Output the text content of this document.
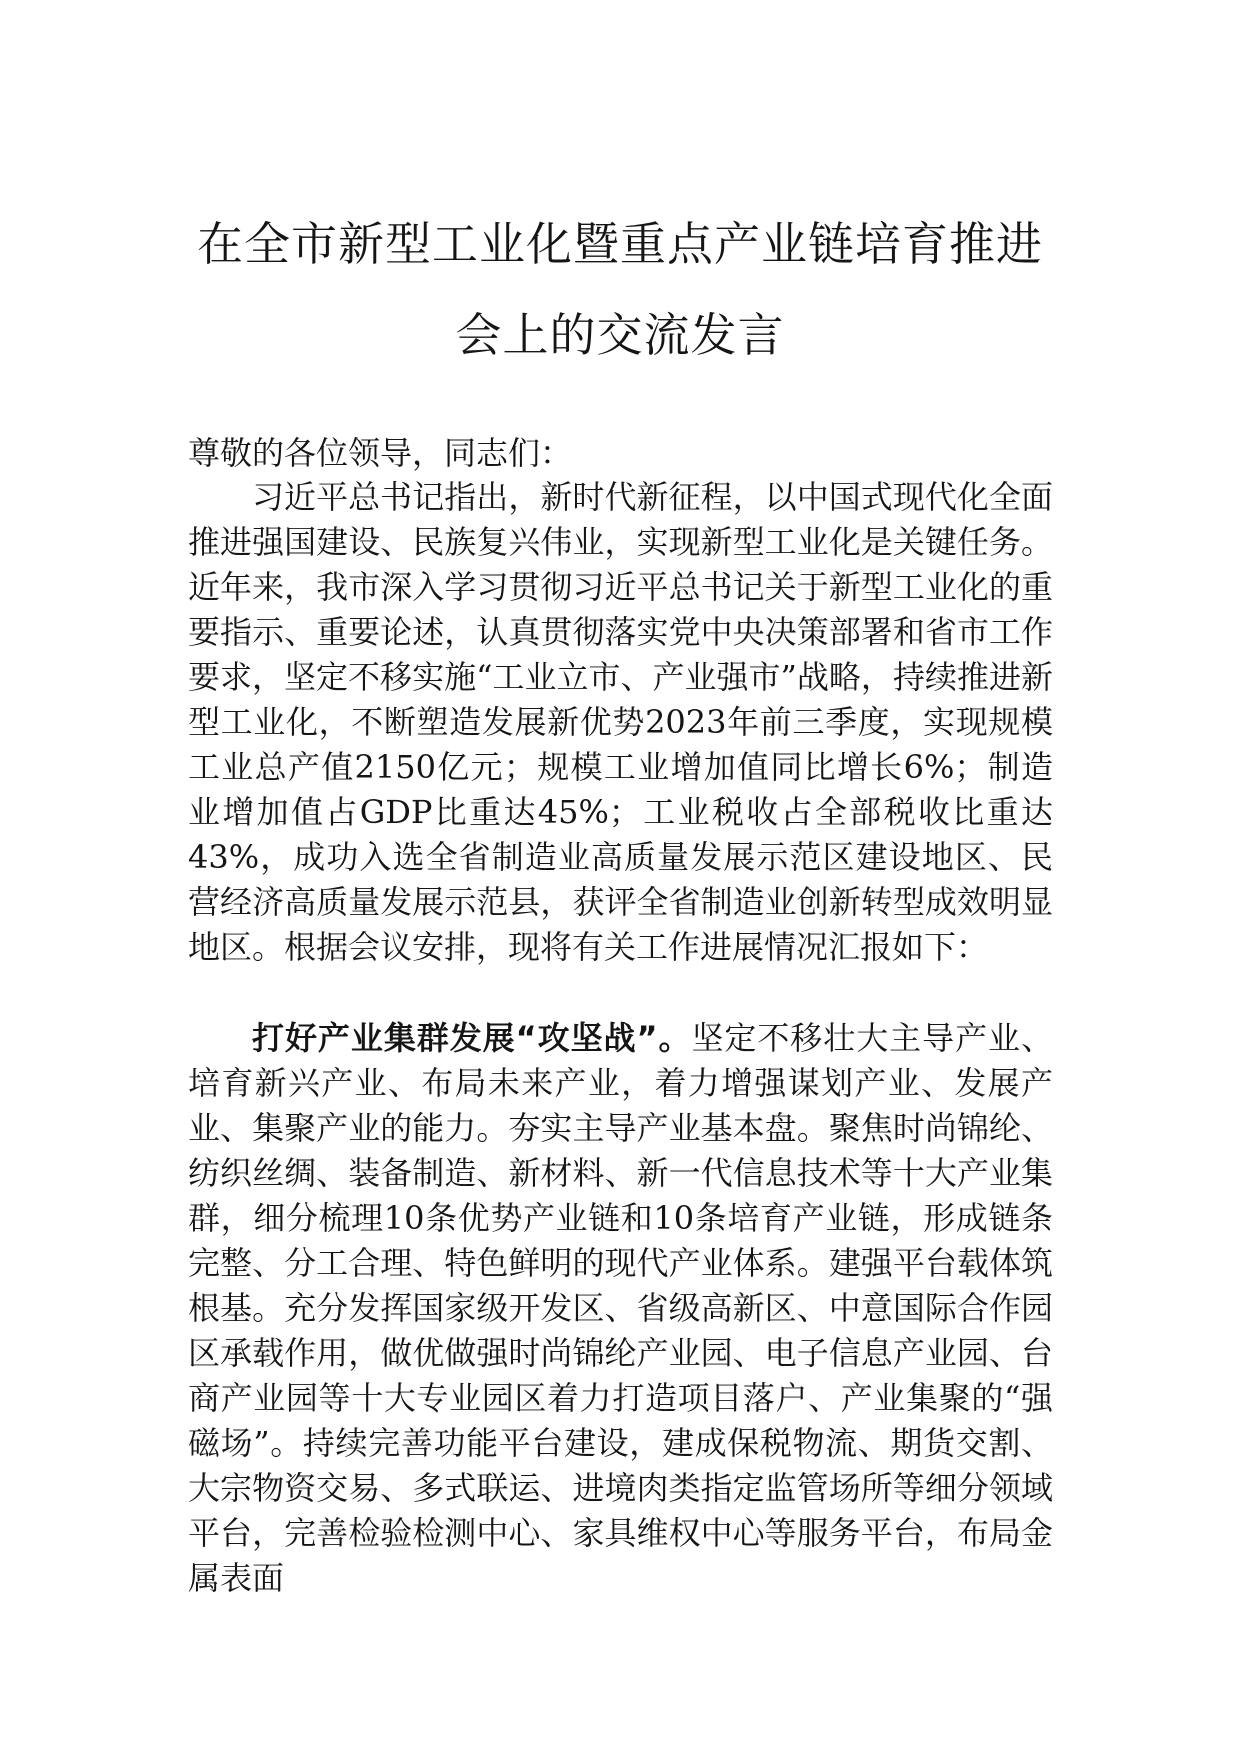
在全市新型工业化暨重点产业链培育推进
会上的交流发言
尊敬的各位领导，同志们：
习近平总书记指出，新时代新征程，以中国式现代化全面推进强国建设、民族复兴伟业，实现新型工业化是关键任务。近年来，我市深入学习贯彻习近平总书记关于新型工业化的重要指示、重要论述，认真贯彻落实党中央决策部署和省市工作要求，坚定不移实施“工业立市、产业强市”战略，持续推进新型工业化，不断塑造发展新优势2023年前三季度，实现规模工业总产值2150亿元；规模工业增加值同比增长6%；制造业增加值占GDP比重达45%；工业税收占全部税收比重达43%，成功入选全省制造业高质量发展示范区建设地区、民营经济高质量发展示范县，获评全省制造业创新转型成效明显地区。根据会议安排，现将有关工作进展情况汇报如下：
打好产业集群发展“攻坚战”。坚定不移壮大主导产业、培育新兴产业、布局未来产业，着力增强谋划产业、发展产业、集聚产业的能力。夯实主导产业基本盘。聚焦时尚锦纶、纺织丝绸、装备制造、新材料、新一代信息技术等十大产业集群，细分梳理10条优势产业链和10条培育产业链，形成链条完整、分工合理、特色鲜明的现代产业体系。建强平台载体筑根基。充分发挥国家级开发区、省级高新区、中意国际合作园区承载作用，做优做强时尚锦纶产业园、电子信息产业园、台商产业园等十大专业园区着力打造项目落户、产业集聚的“强磁场”。持续完善功能平台建设，建成保税物流、期货交割、大宗物资交易、多式联运、进境肉类指定监管场所等细分领域平台，完善检验检测中心、家具维权中心等服务平台，布局金属表面
